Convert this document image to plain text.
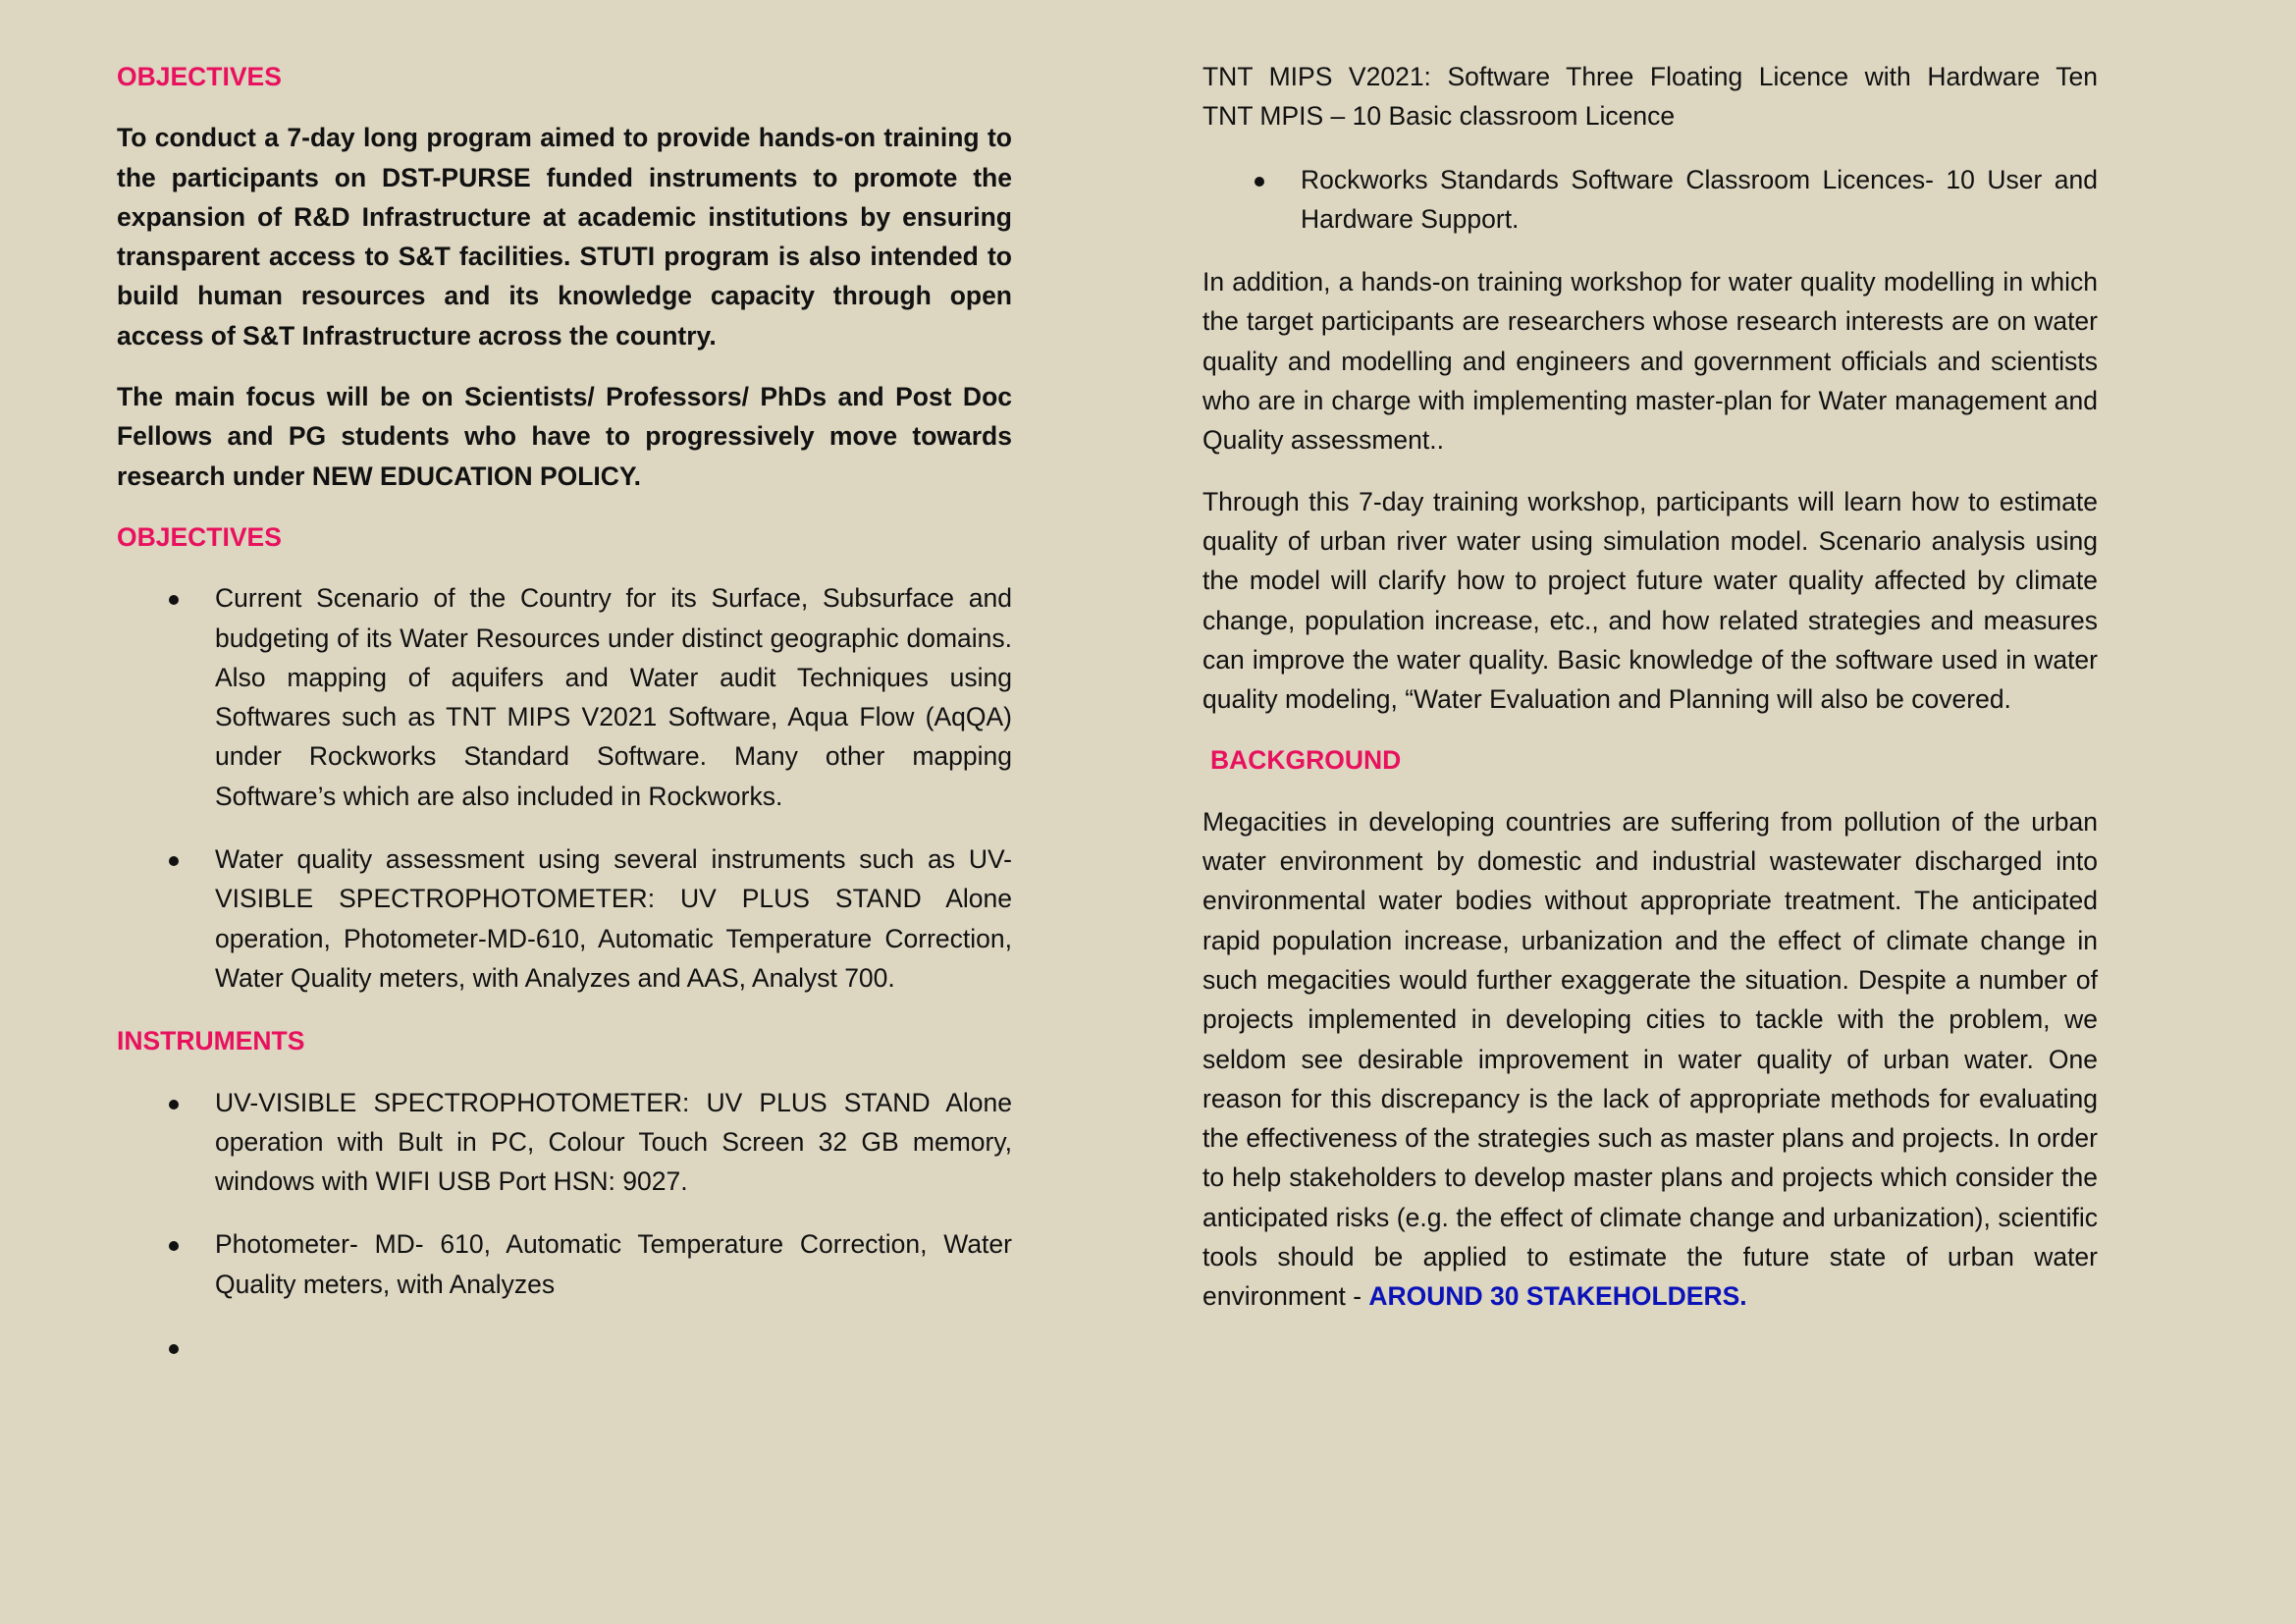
OBJECTIVES

To conduct a 7-day long program aimed to provide hands-on training to the participants on DST-PURSE funded instruments to promote the expansion of R&D Infrastructure at academic institutions by ensuring transparent access to S&T facilities. STUTI program is also intended to build human resources and its knowledge capacity through open access of S&T Infrastructure across the country.

The main focus will be on Scientists/ Professors/ PhDs and Post Doc Fellows and PG students who have to progressively move towards research under NEW EDUCATION POLICY.

OBJECTIVES
Current Scenario of the Country for its Surface, Subsurface and budgeting of its Water Resources under distinct geographic domains. Also mapping of aquifers and Water audit Techniques using Softwares such as TNT MIPS V2021 Software, Aqua Flow (AqQA) under Rockworks Standard Software. Many other mapping Software’s which are also included in Rockworks.
Water quality assessment using several instruments such as UV-VISIBLE SPECTROPHOTOMETER: UV PLUS STAND Alone operation, Photometer-MD-610, Automatic Temperature Correction, Water Quality meters, with Analyzes and AAS, Analyst 700.
INSTRUMENTS
UV-VISIBLE SPECTROPHOTOMETER: UV PLUS STAND Alone operation with Bult in PC, Colour Touch Screen 32 GB memory, windows with WIFI USB Port HSN: 9027.
Photometer- MD- 610, Automatic Temperature Correction, Water Quality meters, with Analyzes

TNT MIPS V2021: Software Three Floating Licence with Hardware Ten

TNT MPIS – 10 Basic classroom Licence

Rockworks Standards Software Classroom Licences- 10 User and Hardware Support.

In addition, a hands-on training workshop for water quality modelling in which the target participants are researchers whose research interests are on water quality and modelling and engineers and government officials and scientists who are in charge with implementing master-plan for Water management and Quality assessment..

Through this 7-day training workshop, participants will learn how to estimate quality of urban river water using simulation model. Scenario analysis using the model will clarify how to project future water quality affected by climate change, population increase, etc., and how related strategies and measures can improve the water quality. Basic knowledge of the software used in water quality modeling, “Water Evaluation and Planning will also be covered.

BACKGROUND

Megacities in developing countries are suffering from pollution of the urban water environment by domestic and industrial wastewater discharged into environmental water bodies without appropriate treatment. The anticipated rapid population increase, urbanization and the effect of climate change in such megacities would further exaggerate the situation. Despite a number of projects implemented in developing cities to tackle with the problem, we seldom see desirable improvement in water quality of urban water. One reason for this discrepancy is the lack of appropriate methods for evaluating the effectiveness of the strategies such as master plans and projects. In order to help stakeholders to develop master plans and projects which consider the anticipated risks (e.g. the effect of climate change and urbanization), scientific tools should be applied to estimate the future state of urban water environment - AROUND 30 STAKEHOLDERS.
